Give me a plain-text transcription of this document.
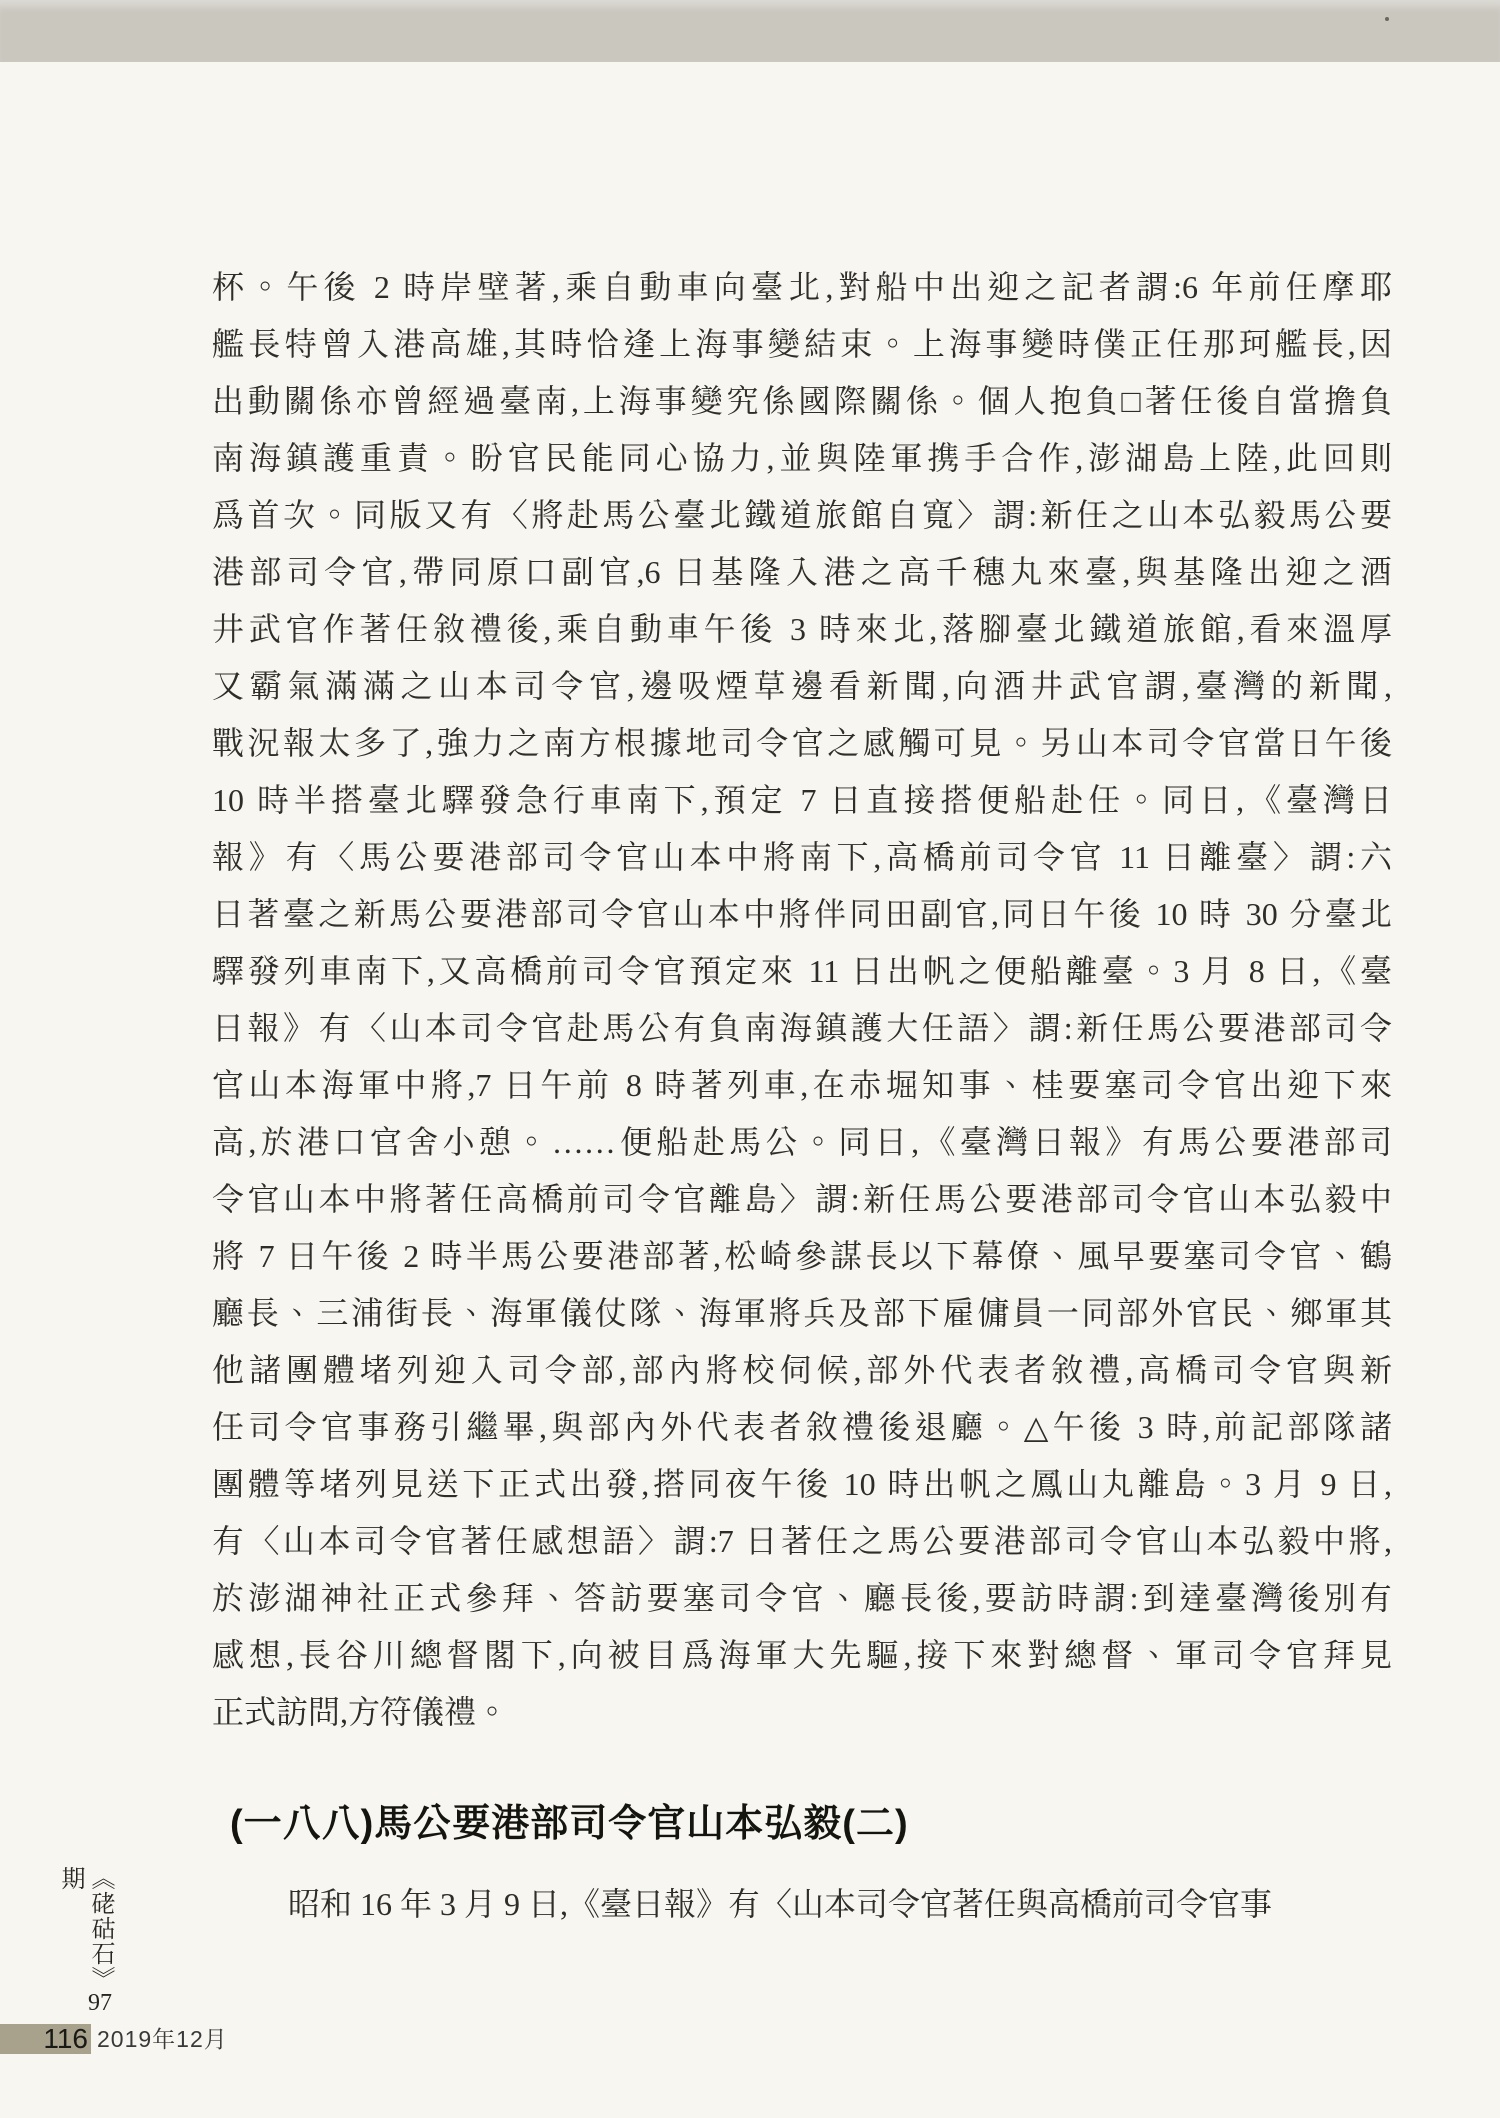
杯。午後 2 時岸壁著,乘自動車向臺北,對船中出迎之記者謂:6 年前任摩耶
艦長特曾入港高雄,其時恰逢上海事變結束。上海事變時僕正任那珂艦長,因
出動關係亦曾經過臺南,上海事變究係國際關係。個人抱負□著任後自當擔負
南海鎮護重責。盼官民能同心協力,並與陸軍携手合作,澎湖島上陸,此回則
爲首次。同版又有〈將赴馬公臺北鐵道旅館自寬〉謂:新任之山本弘毅馬公要
港部司令官,帶同原口副官,6 日基隆入港之高千穗丸來臺,與基隆出迎之酒
井武官作著任敘禮後,乘自動車午後 3 時來北,落腳臺北鐵道旅館,看來溫厚
又霸氣滿滿之山本司令官,邊吸煙草邊看新聞,向酒井武官謂,臺灣的新聞,
戰況報太多了,強力之南方根據地司令官之感觸可見。另山本司令官當日午後
10 時半搭臺北驛發急行車南下,預定 7 日直接搭便船赴任。同日,《臺灣日
報》有〈馬公要港部司令官山本中將南下,高橋前司令官 11 日離臺〉謂:六
日著臺之新馬公要港部司令官山本中將伴同田副官,同日午後 10 時 30 分臺北
驛發列車南下,又高橋前司令官預定來 11 日出帆之便船離臺。3 月 8 日,《臺
日報》有〈山本司令官赴馬公有負南海鎮護大任語〉謂:新任馬公要港部司令
官山本海軍中將,7 日午前 8 時著列車,在赤堀知事、桂要塞司令官出迎下來
高,於港口官舍小憩。……便船赴馬公。同日,《臺灣日報》有馬公要港部司
令官山本中將著任高橋前司令官離島〉謂:新任馬公要港部司令官山本弘毅中
將 7 日午後 2 時半馬公要港部著,松崎參謀長以下幕僚、風早要塞司令官、鶴
廳長、三浦街長、海軍儀仗隊、海軍將兵及部下雇傭員一同部外官民、鄉軍其
他諸團體堵列迎入司令部,部內將校伺候,部外代表者敘禮,高橋司令官與新
任司令官事務引繼畢,與部內外代表者敘禮後退廳。△午後 3 時,前記部隊諸
團體等堵列見送下正式出發,搭同夜午後 10 時出帆之鳳山丸離島。3 月 9 日,
有〈山本司令官著任感想語〉謂:7 日著任之馬公要港部司令官山本弘毅中將,
於澎湖神社正式參拜、答訪要塞司令官、廳長後,要訪時謂:到達臺灣後別有
感想,長谷川總督閣下,向被目爲海軍大先驅,接下來對總督、軍司令官拜見
正式訪問,方符儀禮。
(一八八)馬公要港部司令官山本弘毅(二)
昭和 16 年 3 月 9 日,《臺日報》有〈山本司令官著任與高橋前司令官事
《硓𥑮石》97期
116 2019年12月
